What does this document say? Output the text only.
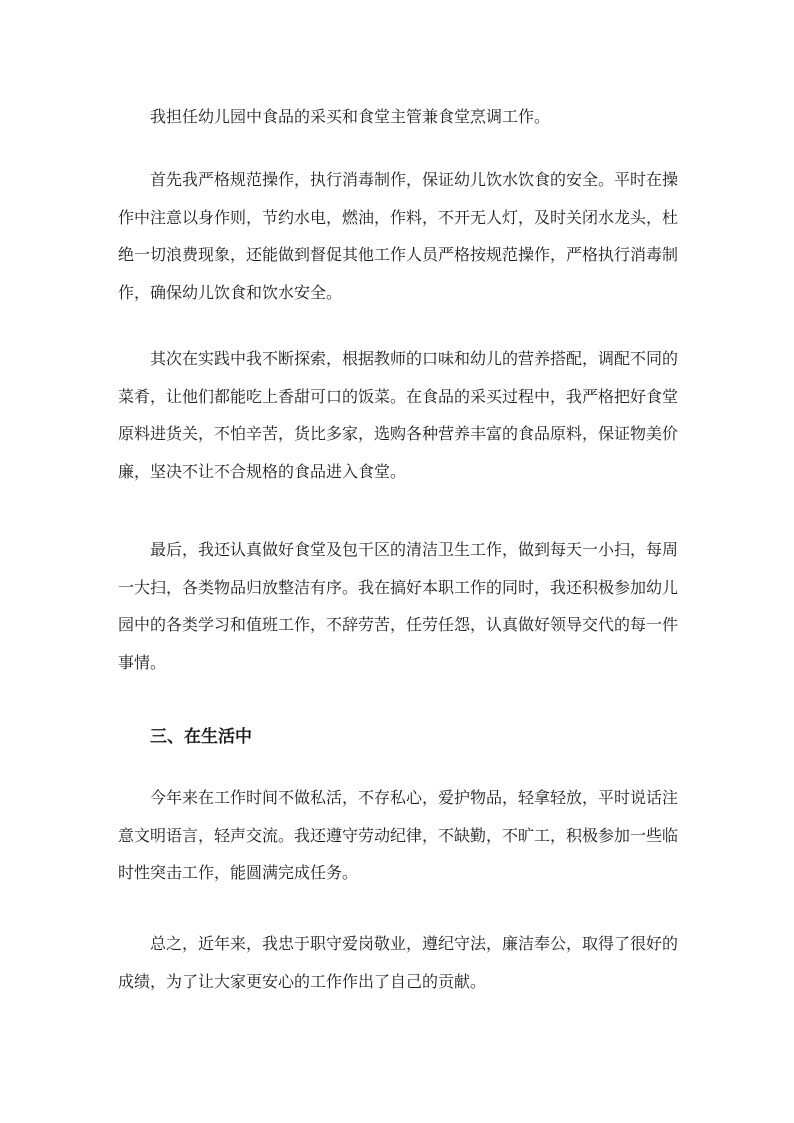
我担任幼儿园中食品的采买和食堂主管兼食堂烹调工作。

首先我严格规范操作，执行消毒制作，保证幼儿饮水饮食的安全。平时在操作中注意以身作则，节约水电，燃油，作料，不开无人灯，及时关闭水龙头，杜绝一切浪费现象，还能做到督促其他工作人员严格按规范操作，严格执行消毒制作，确保幼儿饮食和饮水安全。

其次在实践中我不断探索，根据教师的口味和幼儿的营养搭配，调配不同的菜肴，让他们都能吃上香甜可口的饭菜。在食品的采买过程中，我严格把好食堂原料进货关，不怕辛苦，货比多家，选购各种营养丰富的食品原料，保证物美价廉，坚决不让不合规格的食品进入食堂。

最后，我还认真做好食堂及包干区的清洁卫生工作，做到每天一小扫，每周一大扫，各类物品归放整洁有序。我在搞好本职工作的同时，我还积极参加幼儿园中的各类学习和值班工作，不辞劳苦，任劳任怨，认真做好领导交代的每一件事情。

三、在生活中

今年来在工作时间不做私活，不存私心，爱护物品，轻拿轻放，平时说话注意文明语言，轻声交流。我还遵守劳动纪律，不缺勤，不旷工，积极参加一些临时性突击工作，能圆满完成任务。

总之，近年来，我忠于职守爱岗敬业，遵纪守法，廉洁奉公，取得了很好的成绩，为了让大家更安心的工作作出了自己的贡献。
